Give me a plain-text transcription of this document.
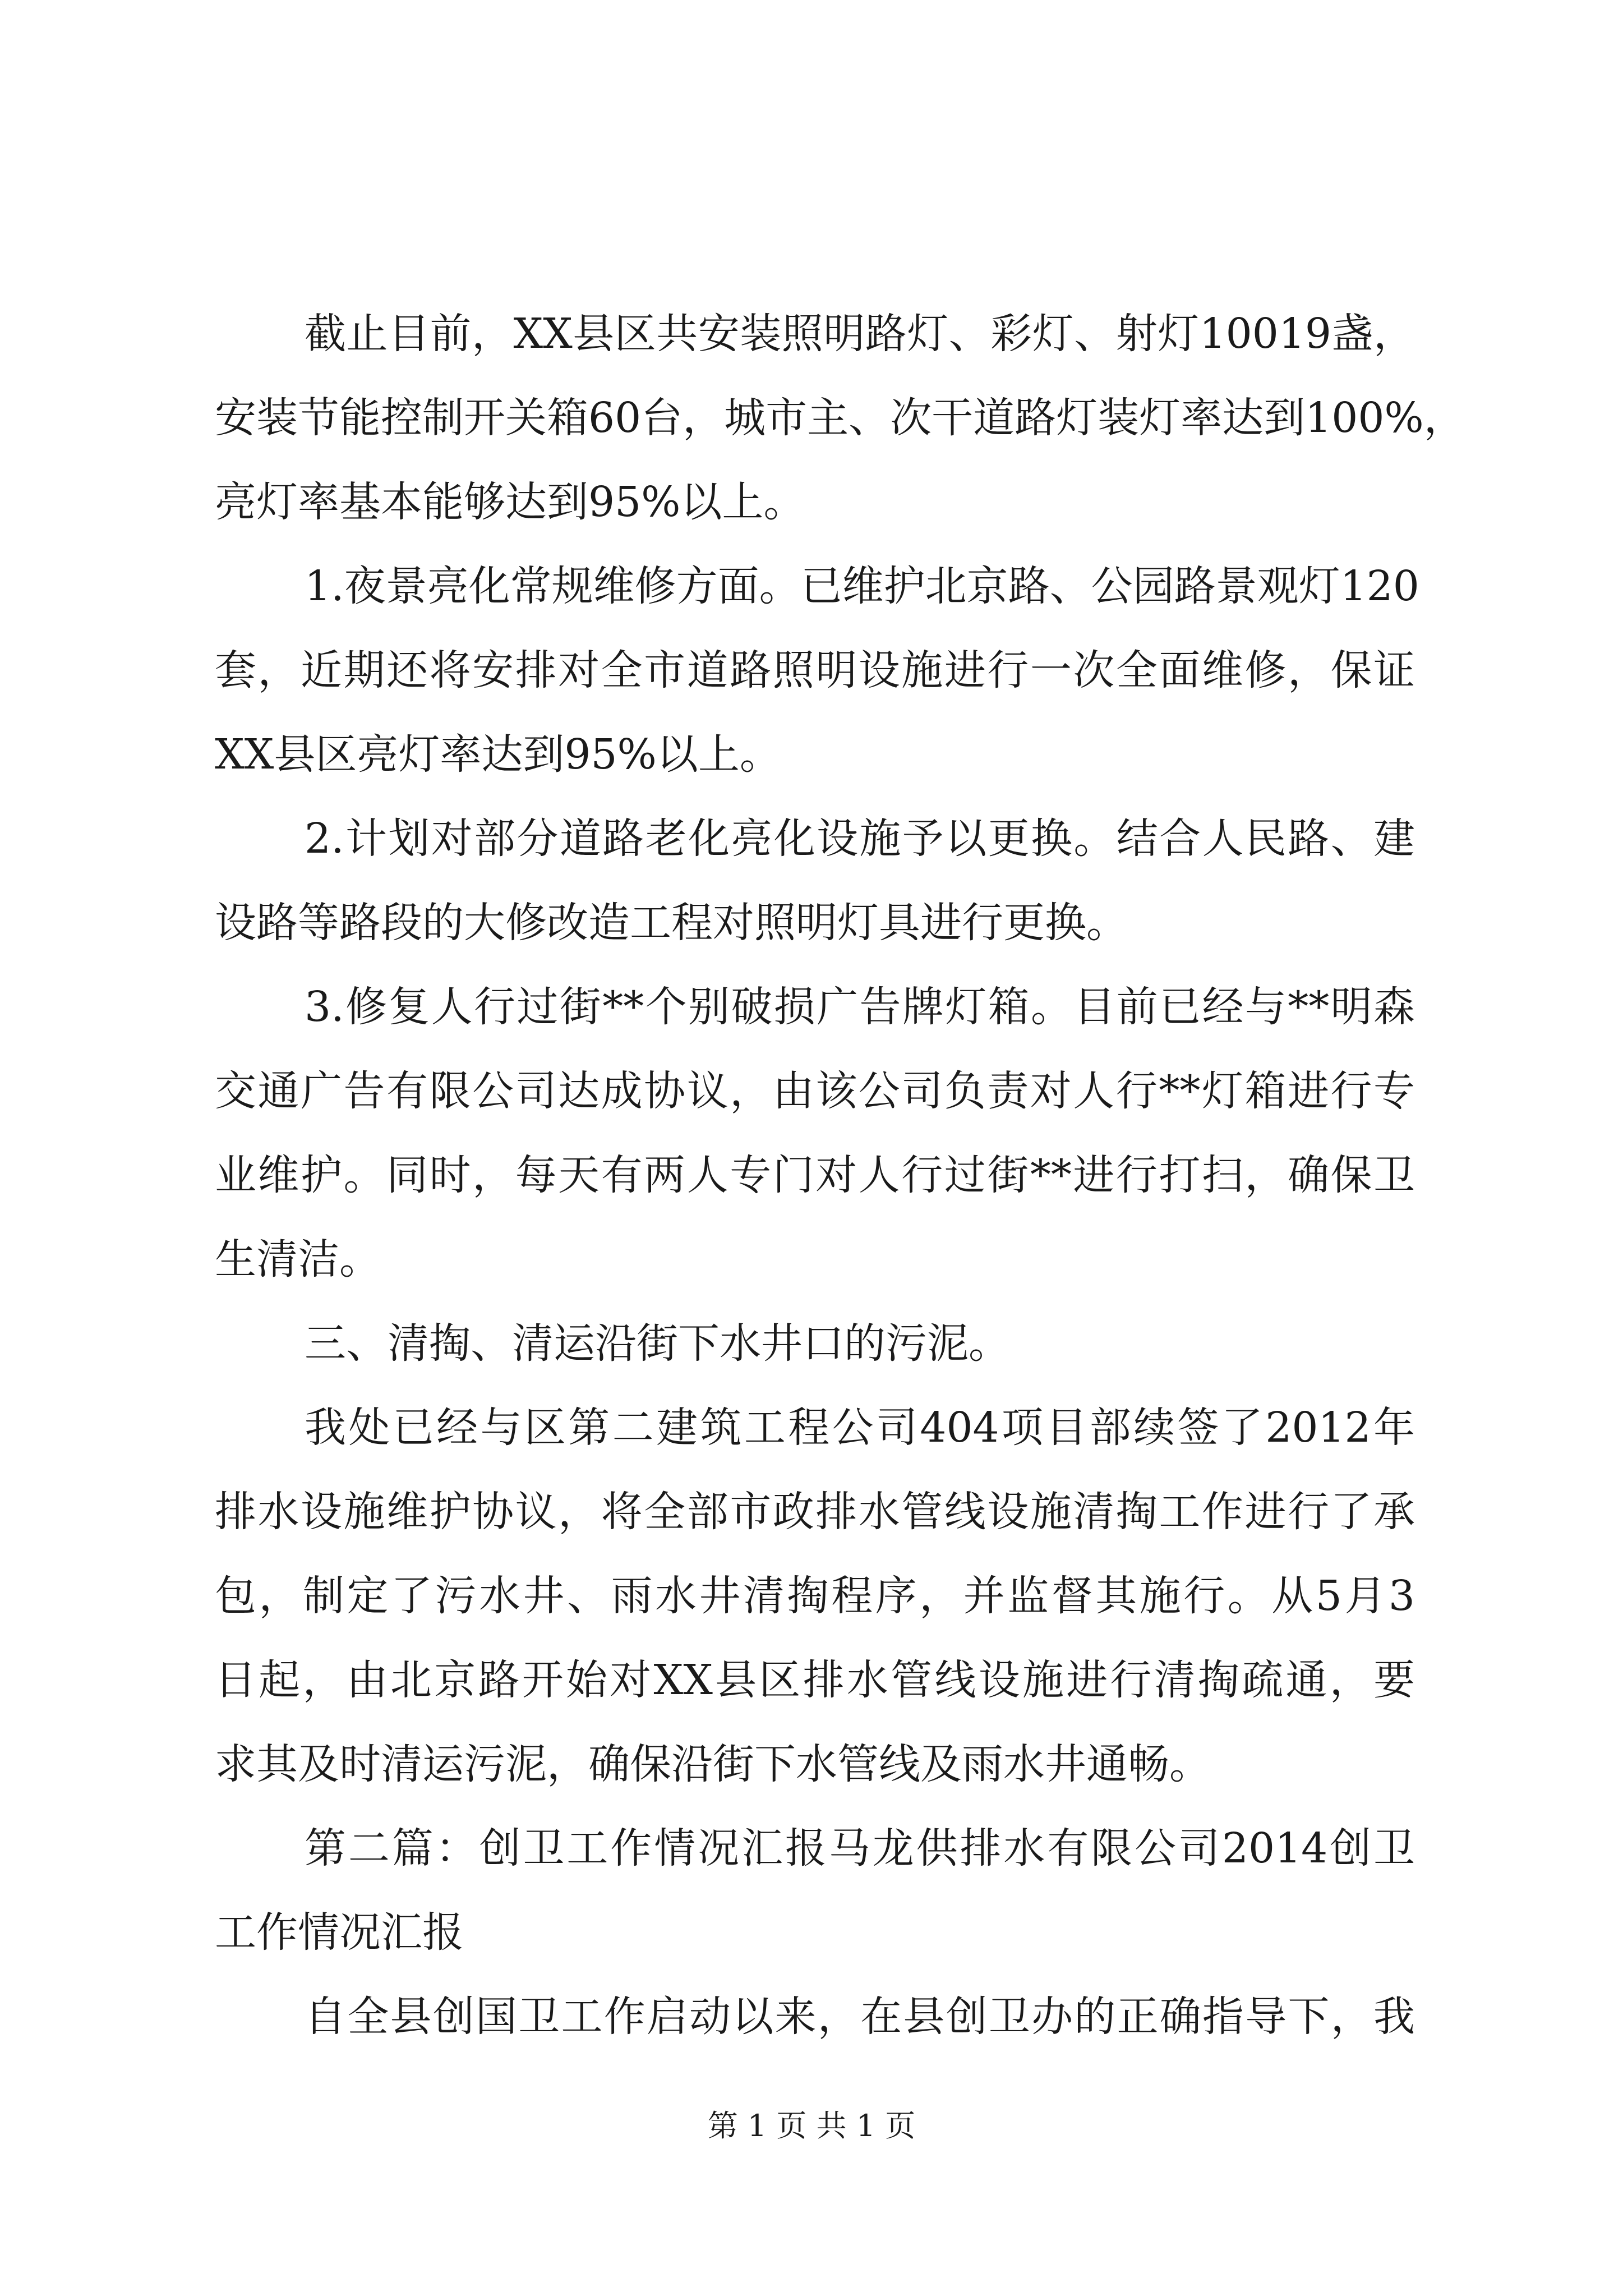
截止目前，XX县区共安装照明路灯、彩灯、射灯10019盏，
安装节能控制开关箱60台，城市主、次干道路灯装灯率达到100%，
亮灯率基本能够达到95%以上。
1.夜景亮化常规维修方面。已维护北京路、公园路景观灯120
套，近期还将安排对全市道路照明设施进行一次全面维修，保证
XX县区亮灯率达到95%以上。
2.计划对部分道路老化亮化设施予以更换。结合人民路、建
设路等路段的大修改造工程对照明灯具进行更换。
3.修复人行过街**个别破损广告牌灯箱。目前已经与**明森
交通广告有限公司达成协议，由该公司负责对人行**灯箱进行专
业维护。同时，每天有两人专门对人行过街**进行打扫，确保卫
生清洁。
三、清掏、清运沿街下水井口的污泥。
我处已经与区第二建筑工程公司404项目部续签了2012年
排水设施维护协议，将全部市政排水管线设施清掏工作进行了承
包，制定了污水井、雨水井清掏程序，并监督其施行。从5月3
日起，由北京路开始对XX县区排水管线设施进行清掏疏通，要
求其及时清运污泥，确保沿街下水管线及雨水井通畅。
第二篇：创卫工作情况汇报马龙供排水有限公司2014创卫
工作情况汇报
自全县创国卫工作启动以来，在县创卫办的正确指导下，我
第 1 页 共 1 页
